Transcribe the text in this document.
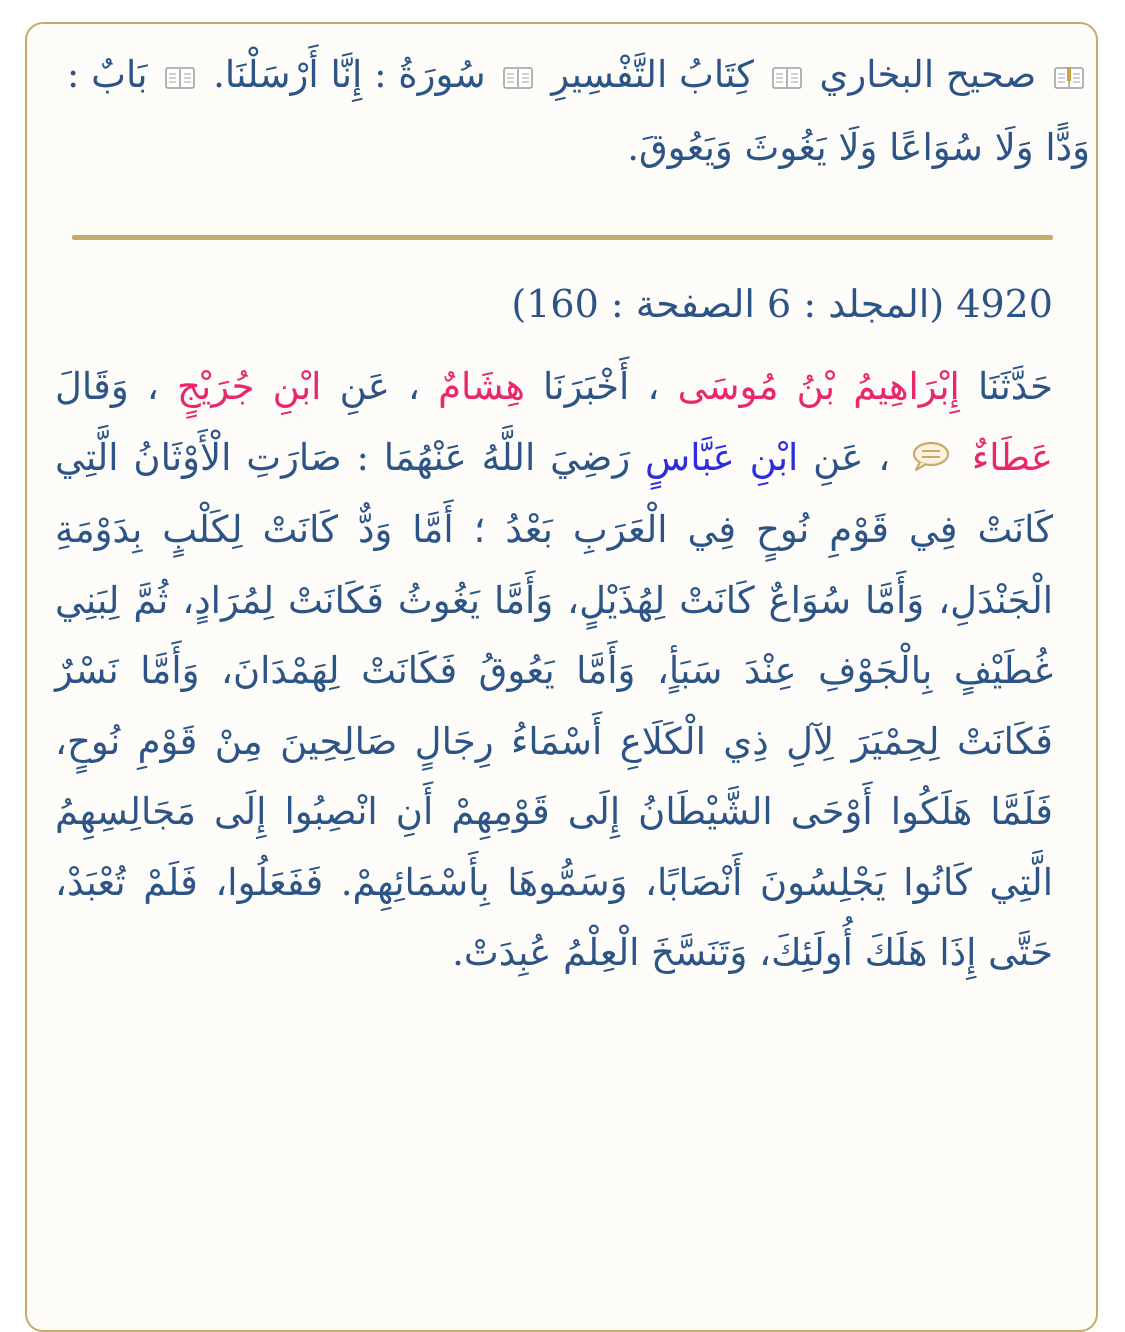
صحيح البخاري  كِتَابُ التَّفْسِيرِ  سُورَةُ : إِنَّا أَرْسَلْنَا.  بَابٌ : وَدًّا وَلَا سُوَاعًا وَلَا يَغُوثَ وَيَعُوقَ.
4920 (المجلد : 6 الصفحة : 160)
حَدَّثَنَا إِبْرَاهِيمُ بْنُ مُوسَى ، أَخْبَرَنَا هِشَامٌ ، عَنِ ابْنِ جُرَيْجٍ ، وَقَالَ عَطَاءٌ  ، عَنِ ابْنِ عَبَّاسٍ رَضِيَ اللَّهُ عَنْهُمَا : صَارَتِ الْأَوْثَانُ الَّتِي كَانَتْ فِي قَوْمِ نُوحٍ فِي الْعَرَبِ بَعْدُ ؛ أَمَّا وَدٌّ كَانَتْ لِكَلْبٍ بِدَوْمَةِ الْجَنْدَلِ، وَأَمَّا سُوَاعٌ كَانَتْ لِهُذَيْلٍ، وَأَمَّا يَغُوثُ فَكَانَتْ لِمُرَادٍ، ثُمَّ لِبَنِي غُطَيْفٍ بِالْجَوْفِ عِنْدَ سَبَأٍ، وَأَمَّا يَعُوقُ فَكَانَتْ لِهَمْدَانَ، وَأَمَّا نَسْرٌ فَكَانَتْ لِحِمْيَرَ لِآلِ ذِي الْكَلَاعِ أَسْمَاءُ رِجَالٍ صَالِحِينَ مِنْ قَوْمِ نُوحٍ، فَلَمَّا هَلَكُوا أَوْحَى الشَّيْطَانُ إِلَى قَوْمِهِمْ أَنِ انْصِبُوا إِلَى مَجَالِسِهِمُ الَّتِي كَانُوا يَجْلِسُونَ أَنْصَابًا، وَسَمُّوهَا بِأَسْمَائِهِمْ. فَفَعَلُوا، فَلَمْ تُعْبَدْ، حَتَّى إِذَا هَلَكَ أُولَئِكَ، وَتَنَسَّخَ الْعِلْمُ عُبِدَتْ.
